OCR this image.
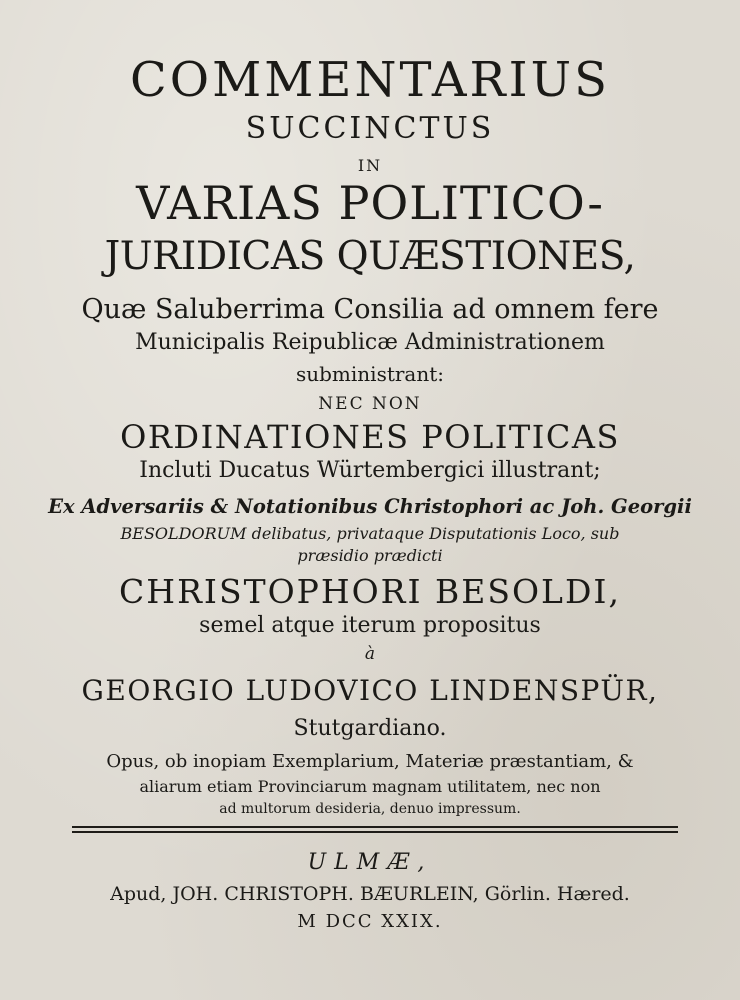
COMMENTARIUS
SUCCINCTUS
IN
VARIAS POLITICO-
JURIDICAS QUÆSTIONES,
Quæ Saluberrima Consilia ad omnem fere
Municipalis Reipublicæ Administrationem
subministrant:
NEC NON
ORDINATIONES POLITICAS
Incluti Ducatus Würtembergici illustrant;
Ex Adversariis & Notationibus Christophori ac Joh. Georgii
BESOLDORUM delibatus, privataque Disputationis Loco, sub
præsidio prædicti
CHRISTOPHORI BESOLDI,
semel atque iterum propositus
à
GEORGIO LUDOVICO LINDENSPÜR,
Stutgardiano.
Opus, ob inopiam Exemplarium, Materiæ præstantiam, &
aliarum etiam Provinciarum magnam utilitatem, nec non
ad multorum desideria, denuo impressum.
ULMÆ,
Apud, JOH. CHRISTOPH. BÆURLEIN, Görlin. Hæred.
M DCC XXIX.
